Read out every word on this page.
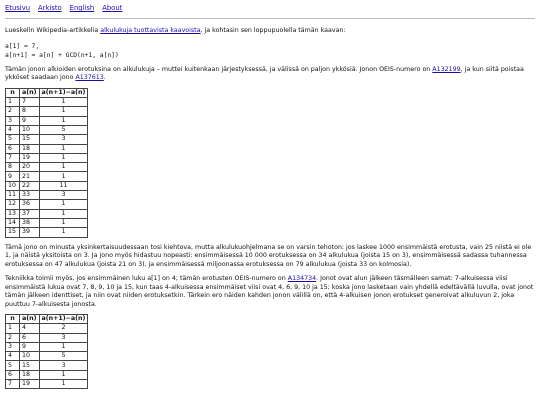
Etusivu Arkisto English About

Lueskelin Wikipedia-artikkelia alkulukuja tuottavista kaavoista, ja kohtasin sen loppupuolella tämän kaavan:

a[1] = 7,
a[n+1] = a[n] + GCD(n+1, a[n])

Tämän jonon alkioiden erotuksina on alkulukuja – muttei kuitenkaan järjestyksessä, ja välissä on paljon ykkösiä. Jonon OEIS-numero on A132199, ja kun siitä poistaa ykköset saadaan jono A137613.

n	a(n)	a(n+1)−a(n)
1	7	1
2	8	1
3	9	1
4	10	5
5	15	3
6	18	1
7	19	1
8	20	1
9	21	1
10	22	11
11	33	3
12	36	1
13	37	1
14	38	1
15	39	1

Tämä jono on minusta yksinkertaisuudessaan tosi kiehtova, mutta alkulukuohjelmana se on varsin tehoton: jos laskee 1000 ensimmäistä erotusta, vain 25 niistä ei ole 1, ja näistä yksitoista on 3. Ja jono myös hidastuu nopeasti: ensimmäisessä 10 000 erotuksessa on 34 alkulukua (joista 15 on 3), ensimmäisessä sadassa tuhannessa erotuksessa on 47 alkulukua (joista 21 on 3), ja ensimmäisessä miljoonassa erotuksessa on 79 alkulukua (joista 33 on kolmosia).

Tekniikka toimii myös, jos ensimmäinen luku a[1] on 4; tämän erotusten OEIS-numero on A134734. Jonot ovat alun jälkeen täsmälleen samat: 7-alkuisessa viisi ensimmäistä lukua ovat 7, 8, 9, 10 ja 15, kun taas 4-alkuisessa ensimmäiset viisi ovat 4, 6, 9, 10 ja 15; koska jono lasketaan vain yhdellä edeltävällä luvulla, ovat jonot tämän jälkeen identtiset, ja niin ovat niiden erotuksetkin. Tärkein ero näiden kahden jonon välillä on, että 4-alkuisen jonon erotukset generoivat alkuluvun 2, joka puuttuu 7-alkuisesta jonosta.

n	a(n)	a(n+1)−a(n)
1	4	2
2	6	3
3	9	1
4	10	5
5	15	3
6	18	1
7	19	1
